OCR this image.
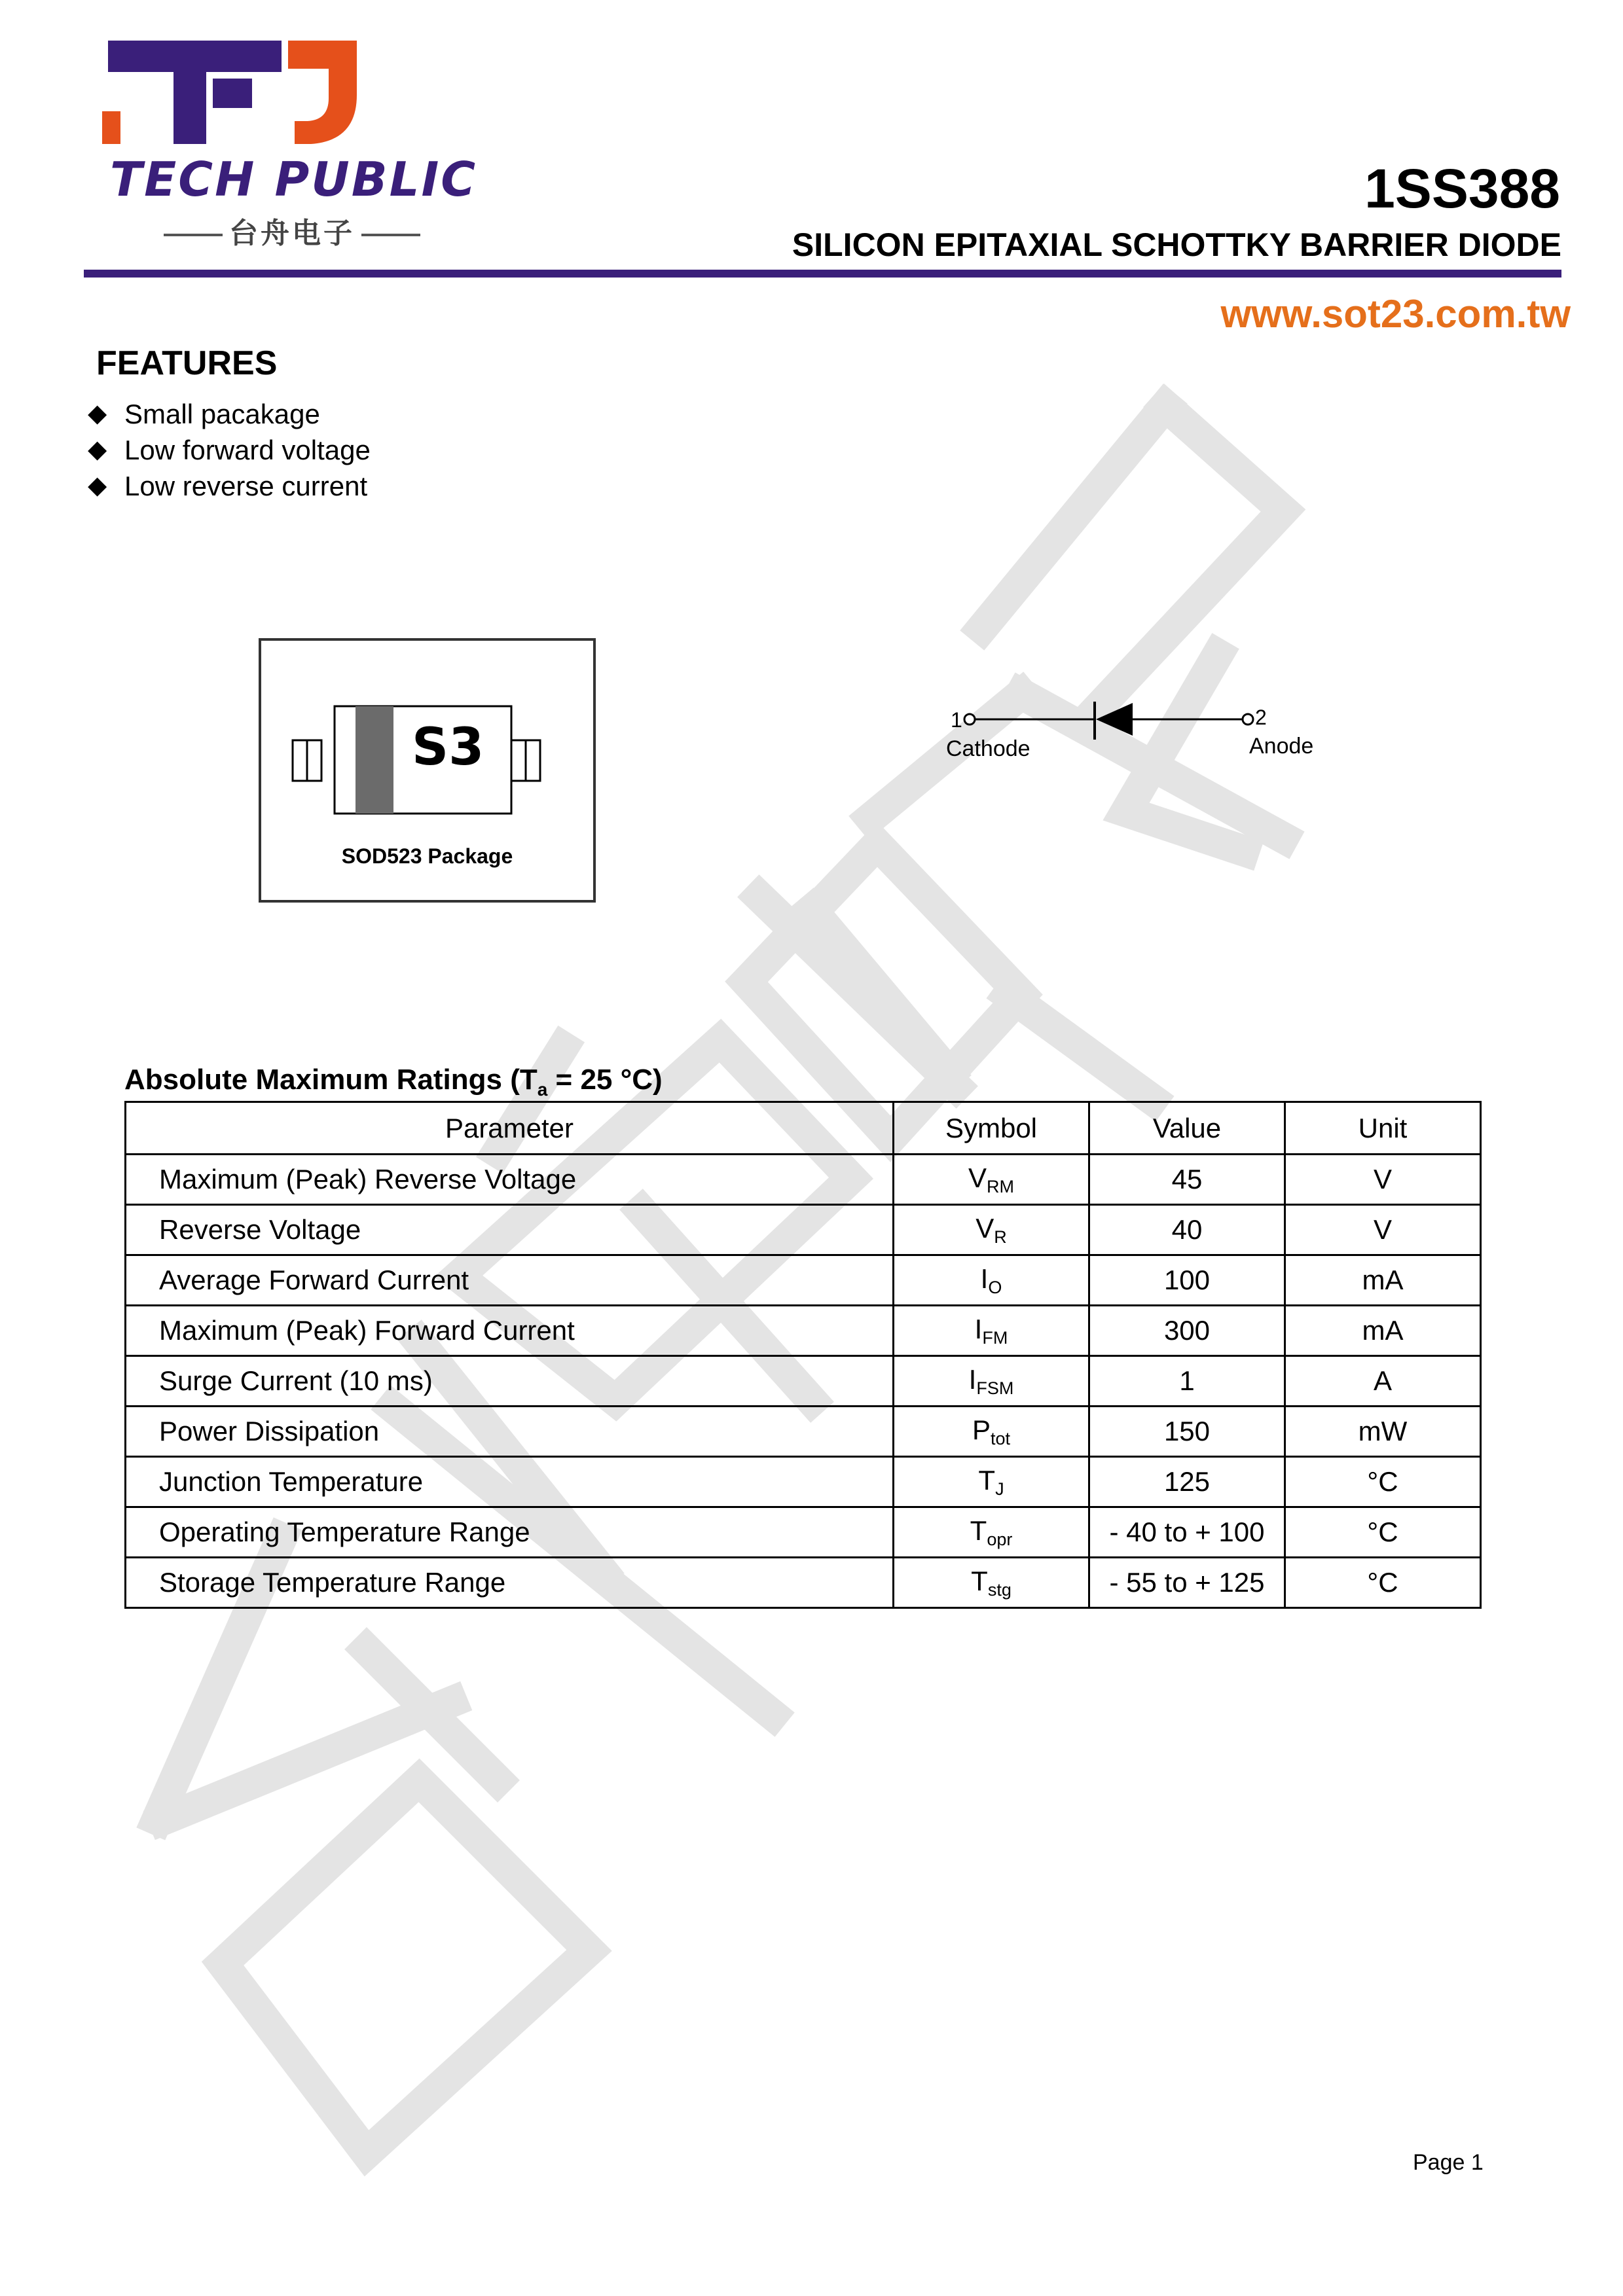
TECH PUBLIC
台舟电子
1SS388
SILICON EPITAXIAL SCHOTTKY BARRIER DIODE
www.sot23.com.tw
FEATURES
◆ Small pacakage
◆ Low forward voltage
◆ Low reverse current
S3
SOD523 Package
1	2
Cathode	Anode
Absolute Maximum Ratings ($T_a = 25$ °C)
Parameter	Symbol	Value	Unit
Maximum (Peak) Reverse Voltage	$V_{RM}$	45	V
Reverse Voltage	$V_R$	40	V
Average Forward Current	$I_O$	100	mA
Maximum (Peak) Forward Current	$I_{FM}$	300	mA
Surge Current (10 ms)	$I_{FSM}$	1	A
Power Dissipation	$P_{tot}$	150	mW
Junction Temperature	$T_J$	125	°C
Operating Temperature Range	$T_{opr}$	- 40 to + 100	°C
Storage Temperature Range	$T_{stg}$	- 55 to + 125	°C
Page 1
